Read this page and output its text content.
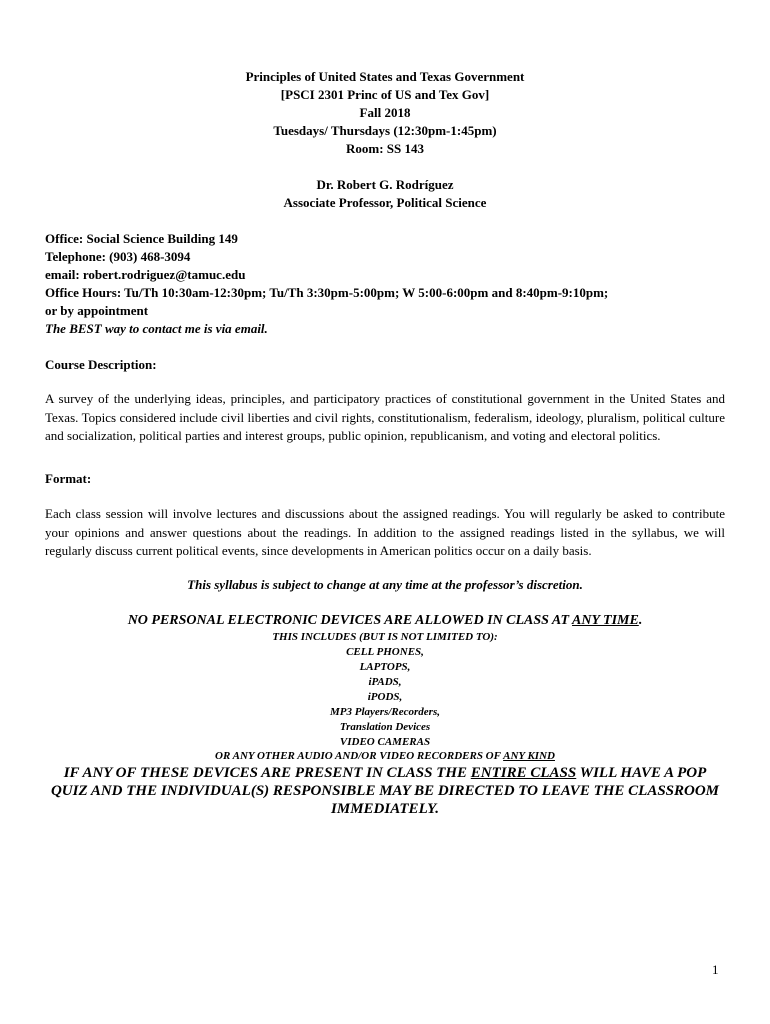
Principles of United States and Texas Government
[PSCI 2301 Princ of US and Tex Gov]
Fall 2018
Tuesdays/ Thursdays (12:30pm-1:45pm)
Room: SS 143
Dr. Robert G. Rodríguez
Associate Professor, Political Science
Office: Social Science Building 149
Telephone: (903) 468-3094
email: robert.rodriguez@tamuc.edu
Office Hours: Tu/Th 10:30am-12:30pm; Tu/Th 3:30pm-5:00pm; W 5:00-6:00pm and 8:40pm-9:10pm;
or by appointment
The BEST way to contact me is via email.
Course Description:
A survey of the underlying ideas, principles, and participatory practices of constitutional government in the United States and Texas. Topics considered include civil liberties and civil rights, constitutionalism, federalism, ideology, pluralism, political culture and socialization, political parties and interest groups, public opinion, republicanism, and voting and electoral politics.
Format:
Each class session will involve lectures and discussions about the assigned readings. You will regularly be asked to contribute your opinions and answer questions about the readings. In addition to the assigned readings listed in the syllabus, we will regularly discuss current political events, since developments in American politics occur on a daily basis.
This syllabus is subject to change at any time at the professor’s discretion.
NO PERSONAL ELECTRONIC DEVICES ARE ALLOWED IN CLASS AT ANY TIME.
THIS INCLUDES (BUT IS NOT LIMITED TO):
CELL PHONES,
LAPTOPS,
iPADS,
iPODS,
MP3 Players/Recorders,
Translation Devices
VIDEO CAMERAS
OR ANY OTHER AUDIO AND/OR VIDEO RECORDERS OF ANY KIND
IF ANY OF THESE DEVICES ARE PRESENT IN CLASS THE ENTIRE CLASS WILL HAVE A POP
QUIZ AND THE INDIVIDUAL(S) RESPONSIBLE MAY BE DIRECTED TO LEAVE THE CLASSROOM
IMMEDIATELY.
1
